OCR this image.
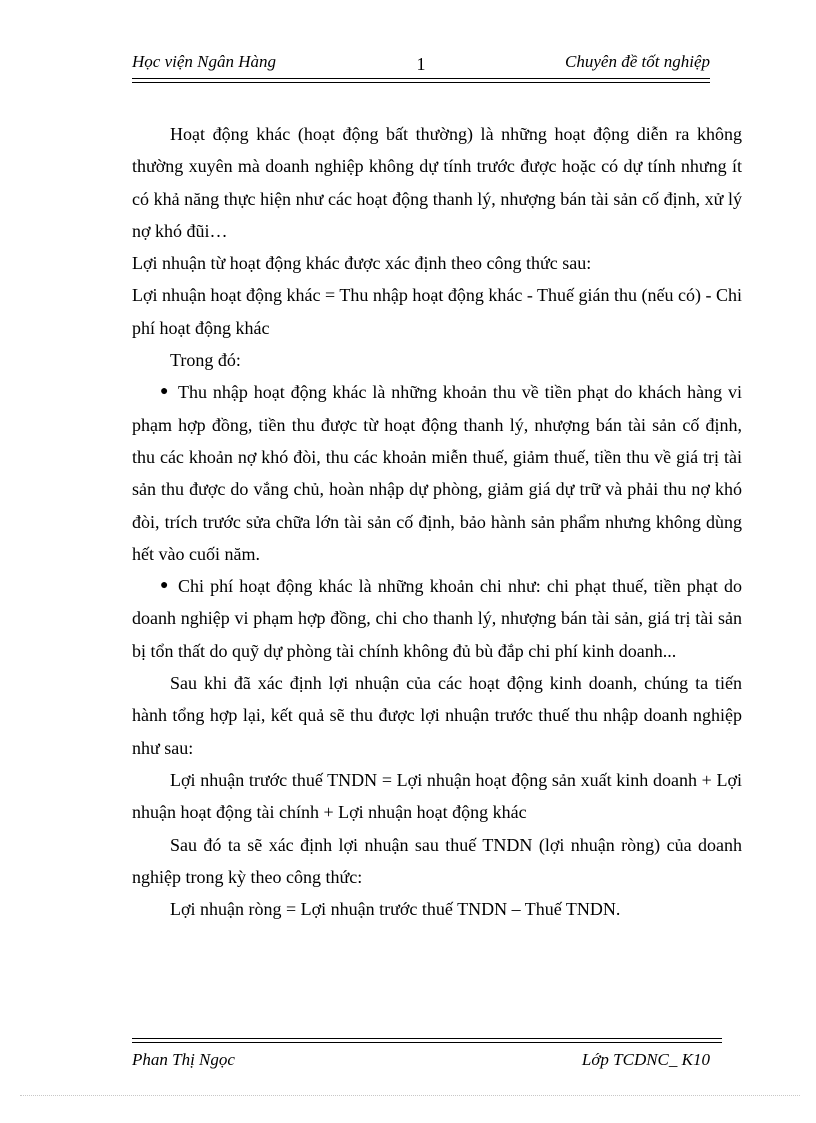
Học viện Ngân Hàng	1	Chuyên đề tốt nghiệp

Hoạt động khác (hoạt động bất thường) là những hoạt động diễn ra không thường xuyên mà doanh nghiệp không dự tính trước được hoặc có dự tính nhưng ít có khả năng thực hiện như các hoạt động thanh lý, nhượng bán tài sản cố định, xử lý nợ khó đũi…

Lợi nhuận từ hoạt động khác được xác định theo công thức sau:

Lợi nhuận hoạt động khác = Thu nhập hoạt động khác - Thuế gián thu (nếu có) - Chi phí hoạt động khác

Trong đó:

● Thu nhập hoạt động khác là những khoản thu về tiền phạt do khách hàng vi phạm hợp đồng, tiền thu được từ hoạt động thanh lý, nhượng bán tài sản cố định, thu các khoản nợ khó đòi, thu các khoản miễn thuế, giảm thuế, tiền thu về giá trị tài sản thu được do vắng chủ, hoàn nhập dự phòng, giảm giá dự trữ và phải thu nợ khó đòi, trích trước sửa chữa lớn tài sản cố định, bảo hành sản phẩm nhưng không dùng hết vào cuối năm.

● Chi phí hoạt động khác là những khoản chi như: chi phạt thuế, tiền phạt do doanh nghiệp vi phạm hợp đồng, chi cho thanh lý, nhượng bán tài sản, giá trị tài sản bị tổn thất do quỹ dự phòng tài chính không đủ bù đắp chi phí kinh doanh...

Sau khi đã xác định lợi nhuận của các hoạt động kinh doanh, chúng ta tiến hành tổng hợp lại, kết quả sẽ thu được lợi nhuận trước thuế thu nhập doanh nghiệp như sau:

Lợi nhuận trước thuế TNDN = Lợi nhuận hoạt động sản xuất kinh doanh + Lợi nhuận hoạt động tài chính + Lợi nhuận hoạt động khác

Sau đó ta sẽ xác định lợi nhuận sau thuế TNDN (lợi nhuận ròng) của doanh nghiệp trong kỳ theo công thức:

Lợi nhuận ròng = Lợi nhuận trước thuế TNDN – Thuế TNDN.

Phan Thị Ngọc	Lớp TCDNC_ K10
